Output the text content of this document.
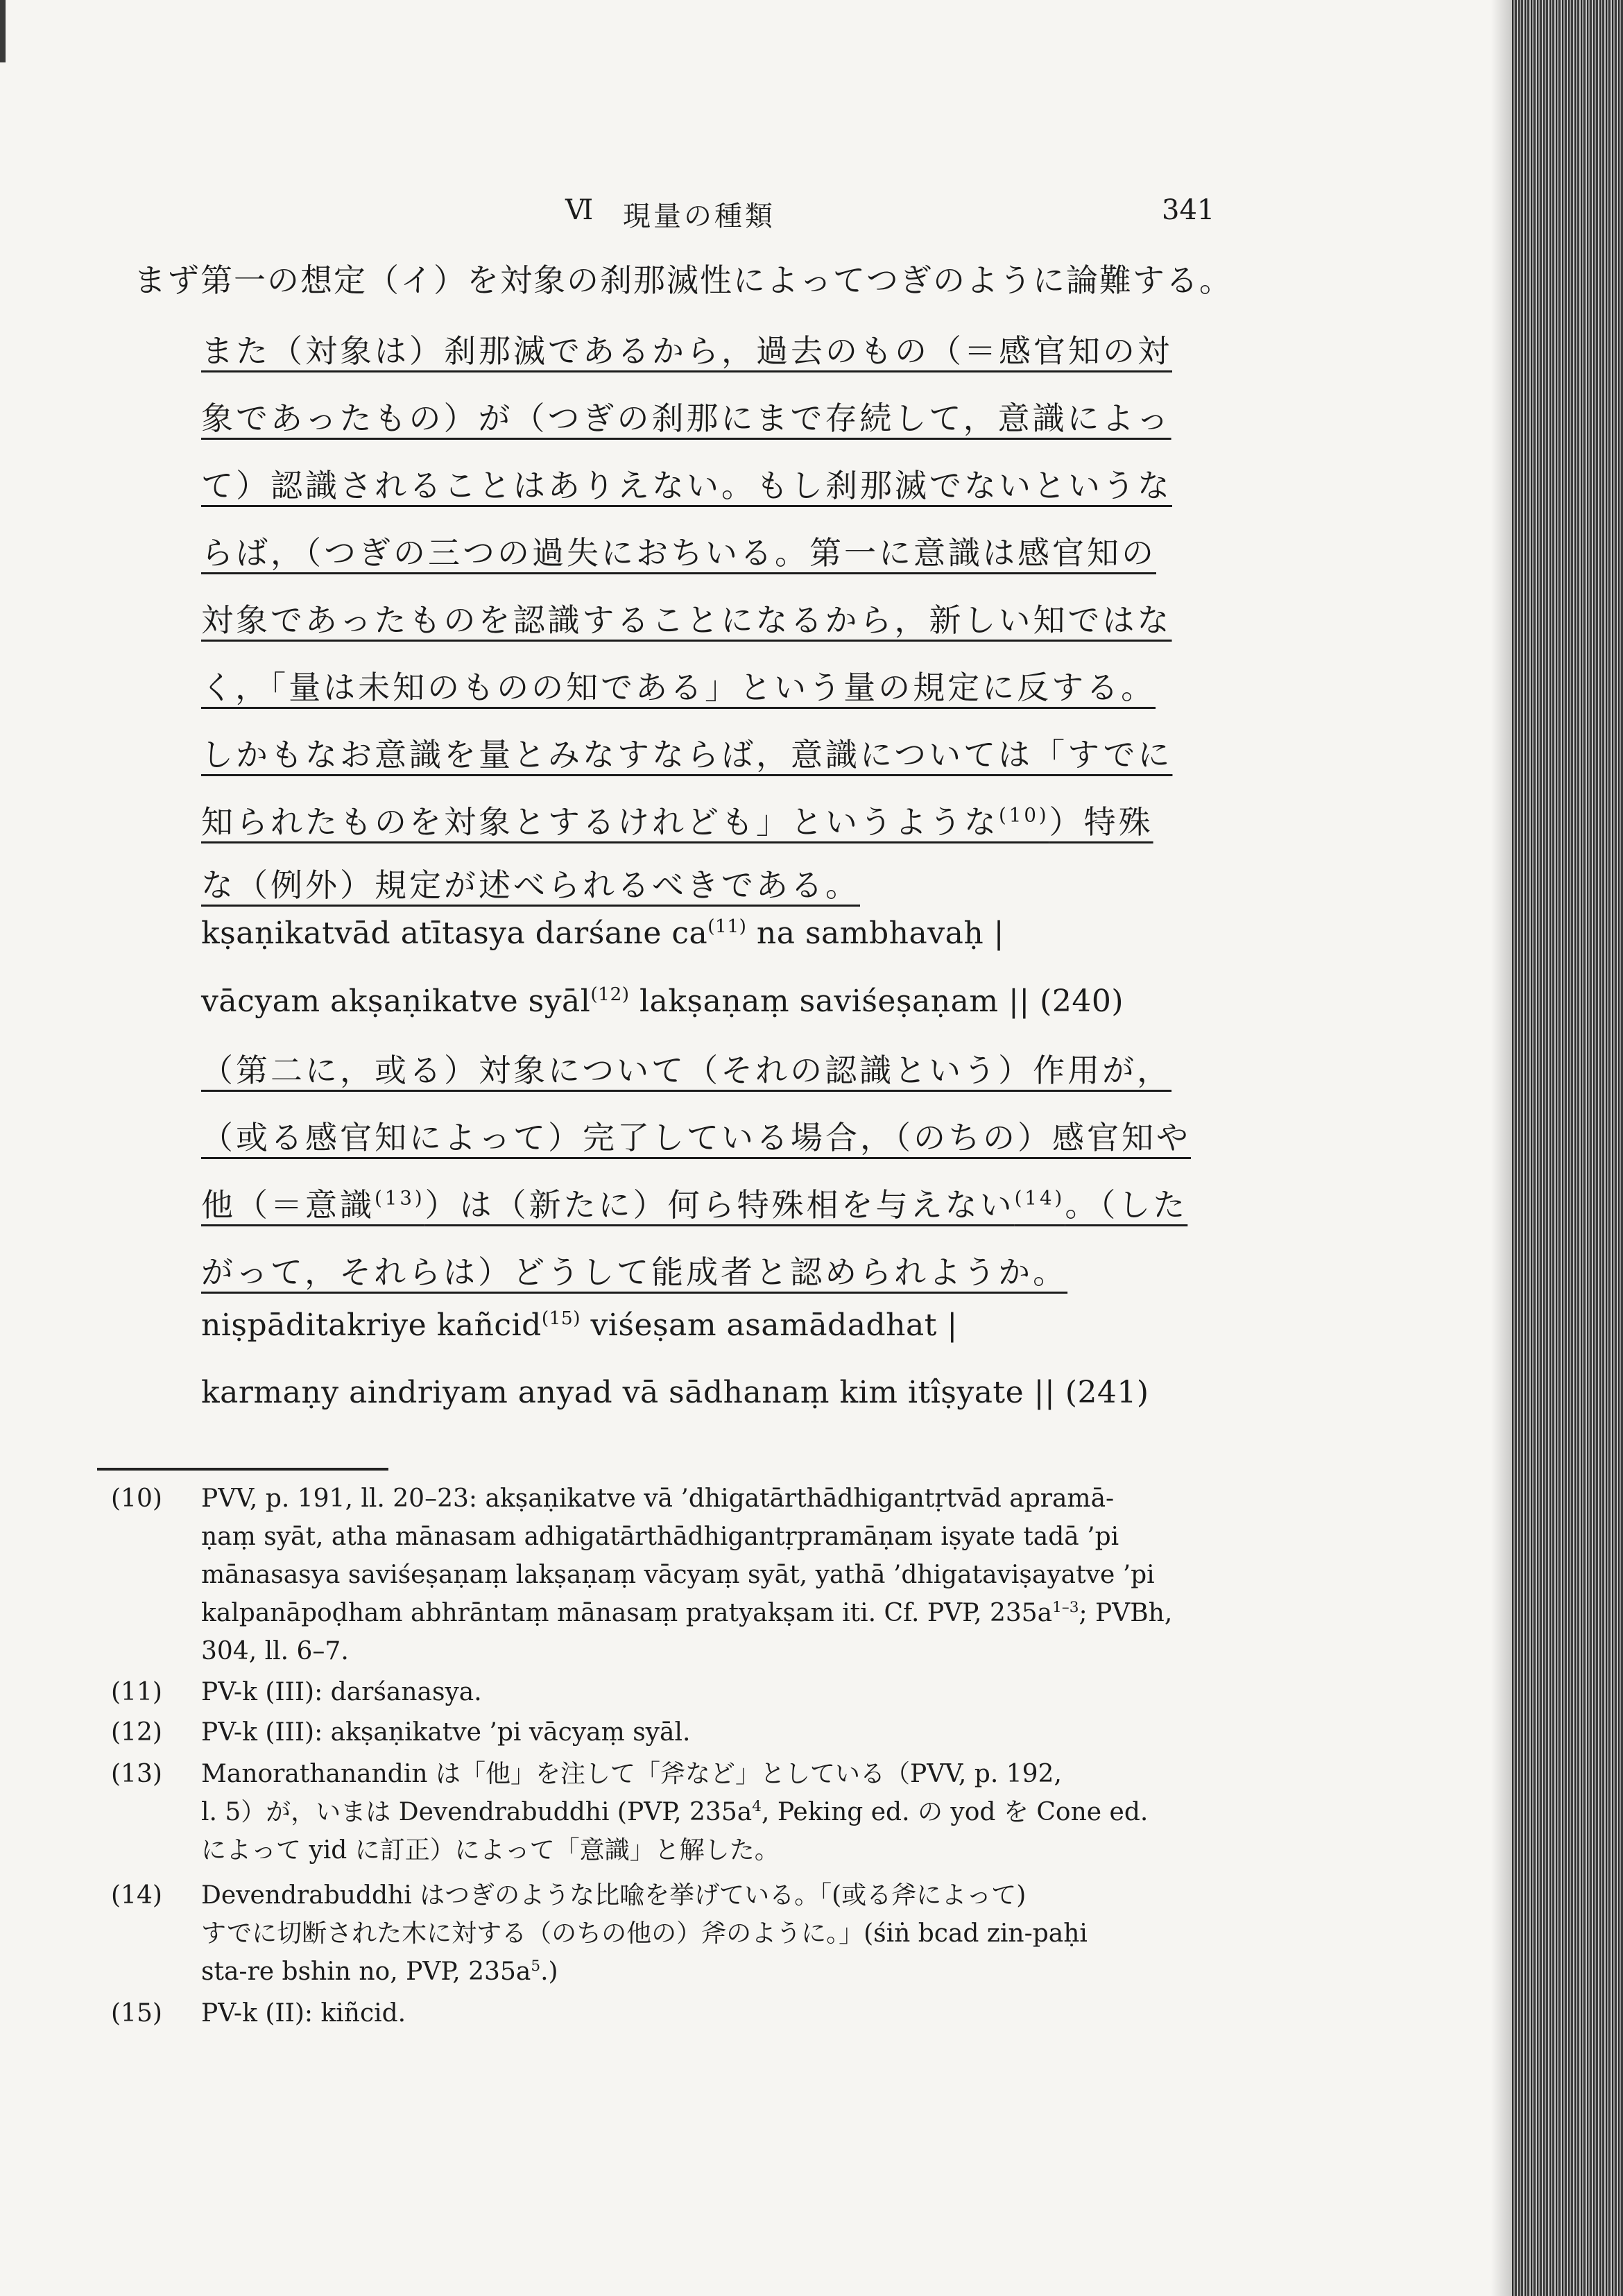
Ⅵ 現量の種類	341
まず第一の想定（イ）を対象の刹那滅性によってつぎのように論難する。
また（対象は）刹那滅であるから，過去のもの（＝感官知の対
象であったもの）が（つぎの刹那にまで存続して，意識によっ
て）認識されることはありえない。もし刹那滅でないというな
らば，（つぎの三つの過失におちいる。第一に意識は感官知の
対象であったものを認識することになるから，新しい知ではな
く，「量は未知のものの知である」という量の規定に反する。
しかもなお意識を量とみなすならば，意識については「すでに
知られたものを対象とするけれども」というような$^{(10)}$）特殊
な（例外）規定が述べられるべきである。
kṣaṇikatvād atītasya darśane $ca^{(11)}$ na sambhavaḥ |
vācyam akṣaṇikatve syāl$^{(12)}$ lakṣaṇaṃ saviśeṣaṇam || (240)
（第二に，或る）対象について（それの認識という）作用が，
（或る感官知によって）完了している場合，（のちの）感官知や
他（＝意識$^{(13)}$）は（新たに）何ら特殊相を与えない$^{(14)}$。（した
がって，それらは）どうして能成者と認められようか。
niṣpāditakriye kañcid$^{(15)}$ viśeṣam asamādadhat |
karmaṇy aindriyam anyad vā sādhanaṃ kim itîṣyate || (241)
(10) PVV, p. 191, ll. 20–23: akṣaṇikatve vā ’dhigatārthādhigantṛtvād apramā-
ṇaṃ syāt, atha mānasam adhigatārthādhigantṛpramāṇam iṣyate tadā ’pi
mānasasya saviśeṣaṇaṃ lakṣaṇaṃ vācyaṃ syāt, yathā ’dhigataviṣayatve ’pi
kalpanāpoḍham abhrāntaṃ mānasaṃ pratyakṣam iti. Cf. PVP, $235a^{1-3}$; PVBh,
304, ll. 6–7.
(11) PV-k (III): darśanasya.
(12) PV-k (III): akṣaṇikatve ’pi vācyaṃ syāl.
(13) Manorathanandin は「他」を注して「斧など」としている（PVV, p. 192,
l. 5）が，いまは Devendrabuddhi (PVP, $235a^4$, Peking ed. の yod を Cone ed.
によって yid に訂正）によって「意識」と解した。
(14) Devendrabuddhi はつぎのような比喩を挙げている。「(或る斧によって)
すでに切断された木に対する（のちの他の）斧のように。」(śiṅ bcad zin-paḥi
sta-re bshin no, PVP, $235a^5$.)
(15) PV-k (II): kiñcid.
